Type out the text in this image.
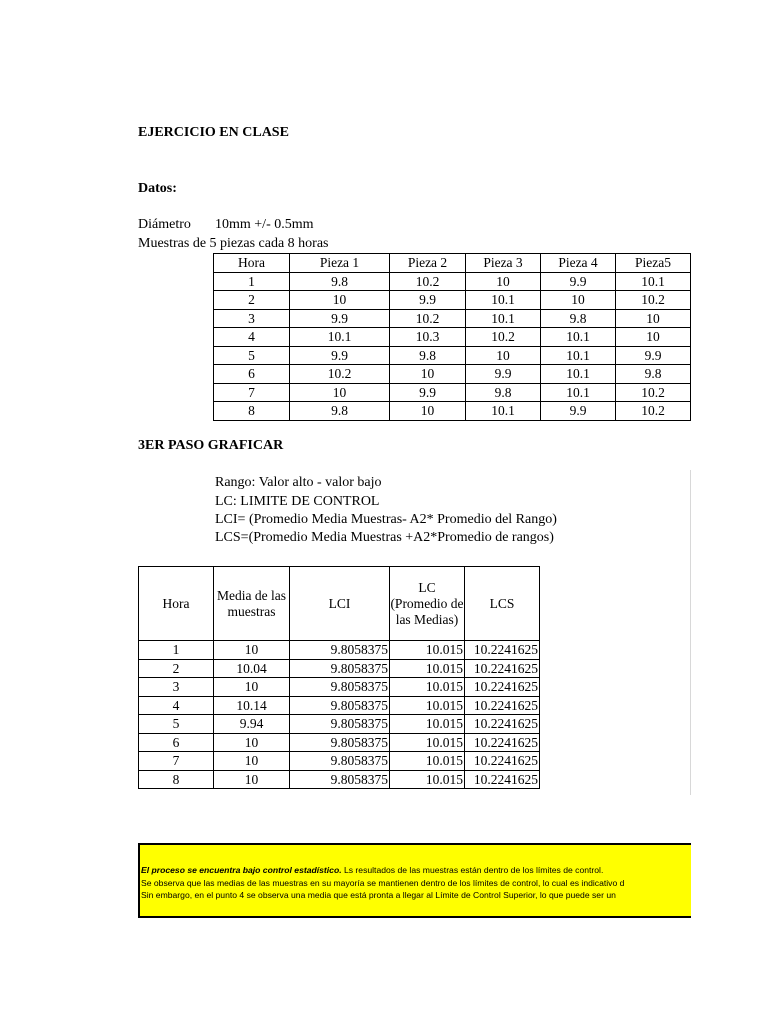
EJERCICIO EN CLASE
Datos:
Diámetro 10mm +/- 0.5mm
Muestras de 5 piezas cada 8 horas
Hora	Pieza 1	Pieza 2	Pieza 3	Pieza 4	Pieza5
1	9.8	10.2	10	9.9	10.1
2	10	9.9	10.1	10	10.2
3	9.9	10.2	10.1	9.8	10
4	10.1	10.3	10.2	10.1	10
5	9.9	9.8	10	10.1	9.9
6	10.2	10	9.9	10.1	9.8
7	10	9.9	9.8	10.1	10.2
8	9.8	10	10.1	9.9	10.2
3ER PASO GRAFICAR
Rango: Valor alto - valor bajo
LC: LIMITE DE CONTROL
LCI= (Promedio Media Muestras- A2* Promedio del Rango)
LCS=(Promedio Media Muestras +A2*Promedio de rangos)
Hora	Media de las muestras	LCI	LC (Promedio de las Medias)	LCS
1	10	9.8058375	10.015	10.2241625
2	10.04	9.8058375	10.015	10.2241625
3	10	9.8058375	10.015	10.2241625
4	10.14	9.8058375	10.015	10.2241625
5	9.94	9.8058375	10.015	10.2241625
6	10	9.8058375	10.015	10.2241625
7	10	9.8058375	10.015	10.2241625
8	10	9.8058375	10.015	10.2241625
El proceso se encuentra bajo control estadístico. Ls resultados de las muestras están dentro de los límites de control.
Se observa que las medias de las muestras en su mayoría se mantienen dentro de los límites de control, lo cual es indicativo d
Sin embargo, en el punto 4 se observa una media que está pronta a llegar al Límite de Control Superior, lo que puede ser un
